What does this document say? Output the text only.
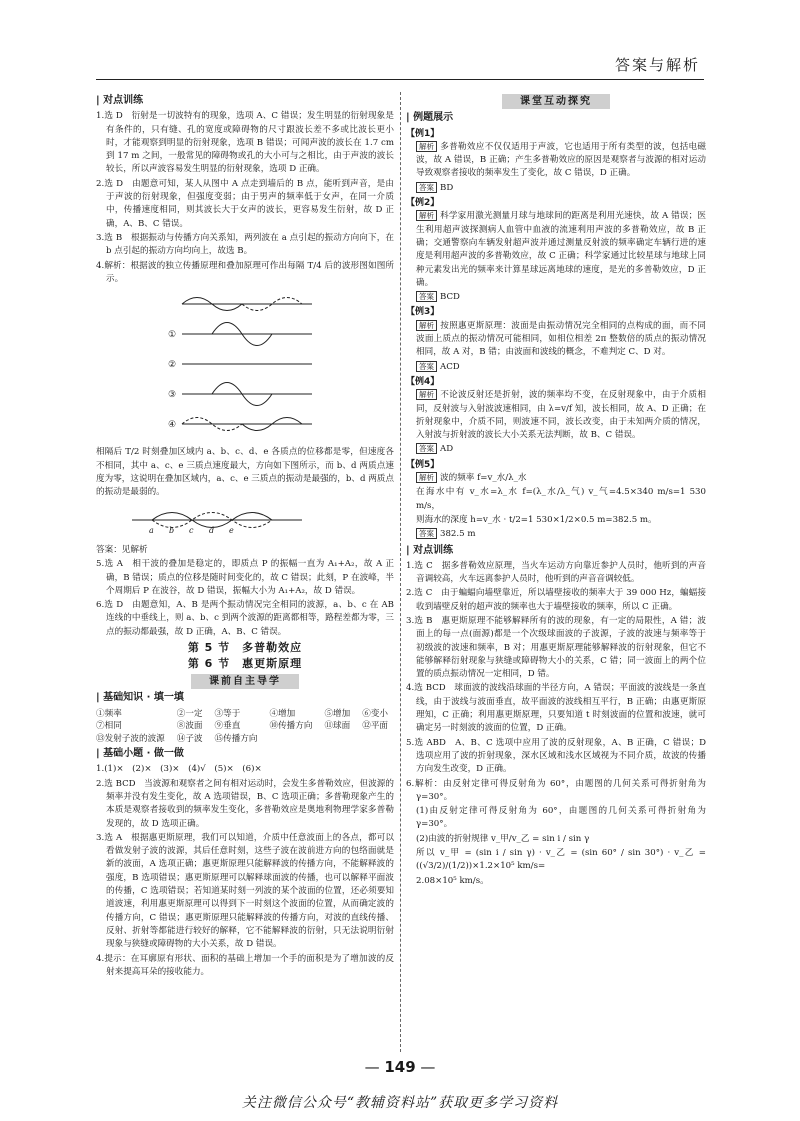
答案与解析
| 对点训练

1.选 D　衍射是一切波特有的现象，选项 A、C 错误；发生明显的衍射现象是有条件的，只有缝、孔的宽度或障碍物的尺寸跟波长差不多或比波长更小时，才能观察到明显的衍射现象，选项 B 错误；可闻声波的波长在 1.7 cm 到 17 m 之间，一般常见的障碍物或孔的大小可与之相比，由于声波的波长较长，所以声波容易发生明显的衍射现象，选项 D 正确。

2.选 D　由题意可知，某人从图中 A 点走到墙后的 B 点，能听到声音，是由于声波的衍射现象，但强度变弱；由于男声的频率低于女声，在同一介质中，传播速度相同，则其波长大于女声的波长，更容易发生衍射，故 D 正确，A、B、C 错误。

3.选 B　根据振动与传播方向关系知，两列波在 a 点引起的振动方向向下，在 b 点引起的振动方向均向上，故选 B。

4.解析：根据波的独立传播原理和叠加原理可作出每隔 T/4 后的波形图如图所示。

①
②
③
④

相隔后 T/2 时刻叠加区域内 a、b、c、d、e 各质点的位移都是零，但速度各不相同，其中 a、c、e 三质点速度最大，方向如下图所示，而 b、d 两质点速度为零，这说明在叠加区域内，a、c、e 三质点的振动是最强的，b、d 两质点的振动是最弱的。

a b c d e

答案：见解析

5.选 A　相干波的叠加是稳定的，即质点 P 的振幅一直为 A₁+A₂，故 A 正确，B 错误；质点的位移是随时间变化的，故 C 错误；此刻，P 在波峰，半个周期后 P 在波谷，故 D 错误，振幅大小为 A₁+A₂，故 D 错误。

6.选 D　由题意知，A、B 是两个振动情况完全相同的波源，a、b、c 在 AB 连线的中垂线上，则 a、b、c 到两个波源的距离都相等，路程差都为零，三点的振动都最强，故 D 正确，A、B、C 错误。

第 5 节　多普勒效应
第 6 节　惠更斯原理
课前自主导学
| 基础知识 · 填一填
①频率	②一定	③等于	④增加	⑤增加	⑥变小
⑦相同	⑧波面	⑨垂直	⑩传播方向	⑪球面	⑫平面
⑬发射子波的波源	⑭子波	⑮传播方向
| 基础小题 · 做一做

1.(1)×　(2)×　(3)×　(4)√　(5)×　(6)×

2.选 BCD　当波源和观察者之间有相对运动时，会发生多普勒效应，但波源的频率并没有发生变化，故 A 选项错误，B、C 选项正确；多普勒现象产生的本质是观察者接收到的频率发生变化，多普勒效应是奥地利物理学家多普勒发现的，故 D 选项正确。

3.选 A　根据惠更斯原理，我们可以知道，介质中任意波面上的各点，都可以看做发射子波的波源，其后任意时刻，这些子波在波前进方向的包络面就是新的波面，A 选项正确；惠更斯原理只能解释波的传播方向，不能解释波的强度，B 选项错误；惠更斯原理可以解释球面波的传播，也可以解释平面波的传播，C 选项错误；若知道某时刻一列波的某个波面的位置，还必须要知道波速，利用惠更斯原理可以得到下一时刻这个波面的位置，从而确定波的传播方向，C 错误；惠更斯原理只能解释波的传播方向，对波的直线传播、反射、折射等都能进行较好的解释，它不能解释波的衍射，只无法说明衍射现象与狭缝或障碍物的大小关系，故 D 错误。

4.提示：在耳廓原有形状、面积的基础上增加一个手的面积是为了增加波的反射来提高耳朵的接收能力。

课堂互动探究
| 例题展示
【例1】

解析 多普勒效应不仅仅适用于声波，它也适用于所有类型的波，包括电磁波，故 A 错误，B 正确；产生多普勒效应的原因是观察者与波源的相对运动导致观察者接收的频率发生了变化，故 C 错误，D 正确。

答案 BD

【例2】

解析 科学家用激光测量月球与地球间的距离是利用光速快，故 A 错误；医生利用超声波探测病人血管中血液的流速利用声波的多普勒效应，故 B 正确；交通警察向车辆发射超声波并通过测量反射波的频率确定车辆行进的速度是利用超声波的多普勒效应，故 C 正确；科学家通过比较星球与地球上同种元素发出光的频率来计算星球远离地球的速度，是光的多普勒效应，D 正确。

答案 BCD

【例3】

解析 按照惠更斯原理：波面是由振动情况完全相同的点构成的面，而不同波面上质点的振动情况可能相同，如相位相差 2π 整数倍的质点的振动情况相同，故 A 对，B 错；由波面和波线的概念，不难判定 C、D 对。

答案 ACD

【例4】

解析 不论波反射还是折射，波的频率均不变，在反射现象中，由于介质相同，反射波与入射波波速相同，由 λ=v/f 知，波长相同，故 A、D 正确；在折射现象中，介质不同，则波速不同，波长改变，由于未知两介质的情况，入射波与折射波的波长大小关系无法判断，故 B、C 错误。

答案 AD

【例5】

解析 波的频率 f=v_水/λ_水

在海水中有 v_水=λ_水 f=(λ_水/λ_气) v_气=4.5×340 m/s=1 530 m/s，

则海水的深度 h=v_水 · t/2=1 530×1/2×0.5 m=382.5 m。

答案 382.5 m

| 对点训练

1.选 C　据多普勒效应原理，当火车运动方向靠近参护人员时，他听到的声音音调较高，火车远离参护人员时，他听到的声音音调较低。

2.选 C　由于蝙蝠向墙壁靠近，所以墙壁接收的频率大于 39 000 Hz，蝙蝠接收到墙壁反射的超声波的频率也大于墙壁接收的频率，所以 C 正确。

3.选 B　惠更斯原理不能够解释所有的波的现象，有一定的局限性，A 错；波面上的每一点(面源)都是一个次级球面波的子波源，子波的波速与频率等于初级波的波速和频率，B 对；用惠更斯原理能够解释波的衍射现象，但它不能够解释衍射现象与狭缝或障碍物大小的关系，C 错；同一波面上的两个位置的质点振动情况一定相同，D 错。

4.选 BCD　球面波的波线沿球面的半径方向，A 错误；平面波的波线是一条直线，由于波线与波面垂直，故平面波的波线相互平行，B 正确；由惠更斯原理知，C 正确；利用惠更斯原理，只要知道 t 时刻波面的位置和波速，就可确定另一时刻波的波面的位置，D 正确。

5.选 ABD　A、B、C 选项中应用了波的反射现象，A、B 正确，C 错误；D 选项应用了波的折射现象，深水区域和浅水区域视为不同介质，故波的传播方向发生改变，D 正确。

6.解析：由反射定律可得反射角为 60°，由题图的几何关系可得折射角为 γ=30°。

(1)由反射定律可得反射角为 60°，由题图的几何关系可得折射角为 γ=30°。

(2)由波的折射规律 v_甲/v_乙 = sin i / sin γ

所以 v_甲 = (sin i / sin γ) · v_乙 = (sin 60° / sin 30°) · v_乙 = ((√3/2)/(1/2))×1.2×10⁵ km/s=

2.08×10⁵ km/s。

— 149 —
关注微信公众号“教辅资料站”获取更多学习资料
